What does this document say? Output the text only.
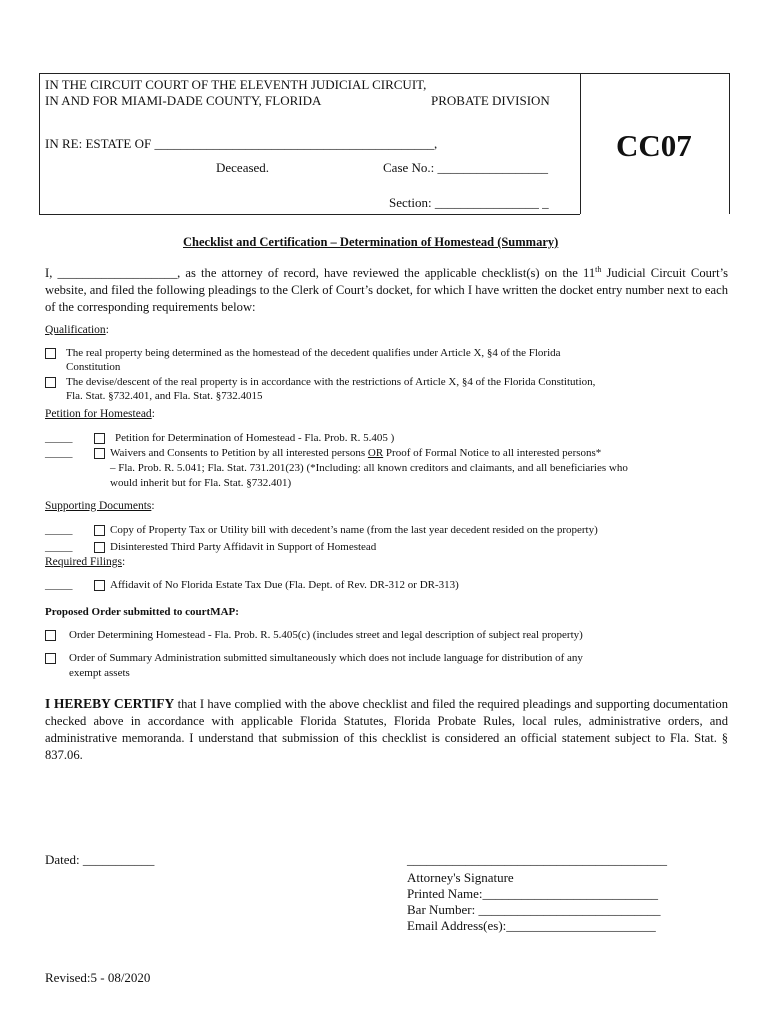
IN THE CIRCUIT COURT OF THE ELEVENTH JUDICIAL CIRCUIT,
IN AND FOR MIAMI-DADE COUNTY, FLORIDA	PROBATE DIVISION
IN RE: ESTATE OF ___________________________________________,
Deceased.	Case No.: _________________
Section: ________________ _
CC07
Checklist and Certification – Determination of Homestead (Summary)
I, ___________________, as the attorney of record, have reviewed the applicable checklist(s) on the 11th Judicial Circuit Court’s website, and filed the following pleadings to the Clerk of Court’s docket, for which I have written the docket entry number next to each of the corresponding requirements below:
Qualification:
The real property being determined as the homestead of the decedent qualifies under Article X, §4 of the Florida
Constitution
The devise/descent of the real property is in accordance with the restrictions of Article X, §4 of the Florida Constitution,
Fla. Stat. §732.401, and Fla. Stat. §732.4015
Petition for Homestead:
_____	Petition for Determination of Homestead - Fla. Prob. R. 5.405 )
_____	Waivers and Consents to Petition by all interested persons OR Proof of Formal Notice to all interested persons*
– Fla. Prob. R. 5.041; Fla. Stat. 731.201(23) (*Including: all known creditors and claimants, and all beneficiaries who
would inherit but for Fla. Stat. §732.401)
Supporting Documents:
_____	Copy of Property Tax or Utility bill with decedent’s name (from the last year decedent resided on the property)
_____	Disinterested Third Party Affidavit in Support of Homestead
Required Filings:
_____	Affidavit of No Florida Estate Tax Due (Fla. Dept. of Rev. DR-312 or DR-313)
Proposed Order submitted to courtMAP:
Order Determining Homestead - Fla. Prob. R. 5.405(c) (includes street and legal description of subject real property)
Order of Summary Administration submitted simultaneously which does not include language for distribution of any
exempt assets
I HEREBY CERTIFY that I have complied with the above checklist and filed the required pleadings and supporting documentation checked above in accordance with applicable Florida Statutes, Florida Probate Rules, local rules, administrative orders, and administrative memoranda. I understand that submission of this checklist is considered an official statement subject to Fla. Stat. § 837.06.
Dated: ___________	________________________________________
Attorney's Signature
Printed Name:___________________________
Bar Number: ____________________________
Email Address(es):_______________________
Revised:5 - 08/2020
